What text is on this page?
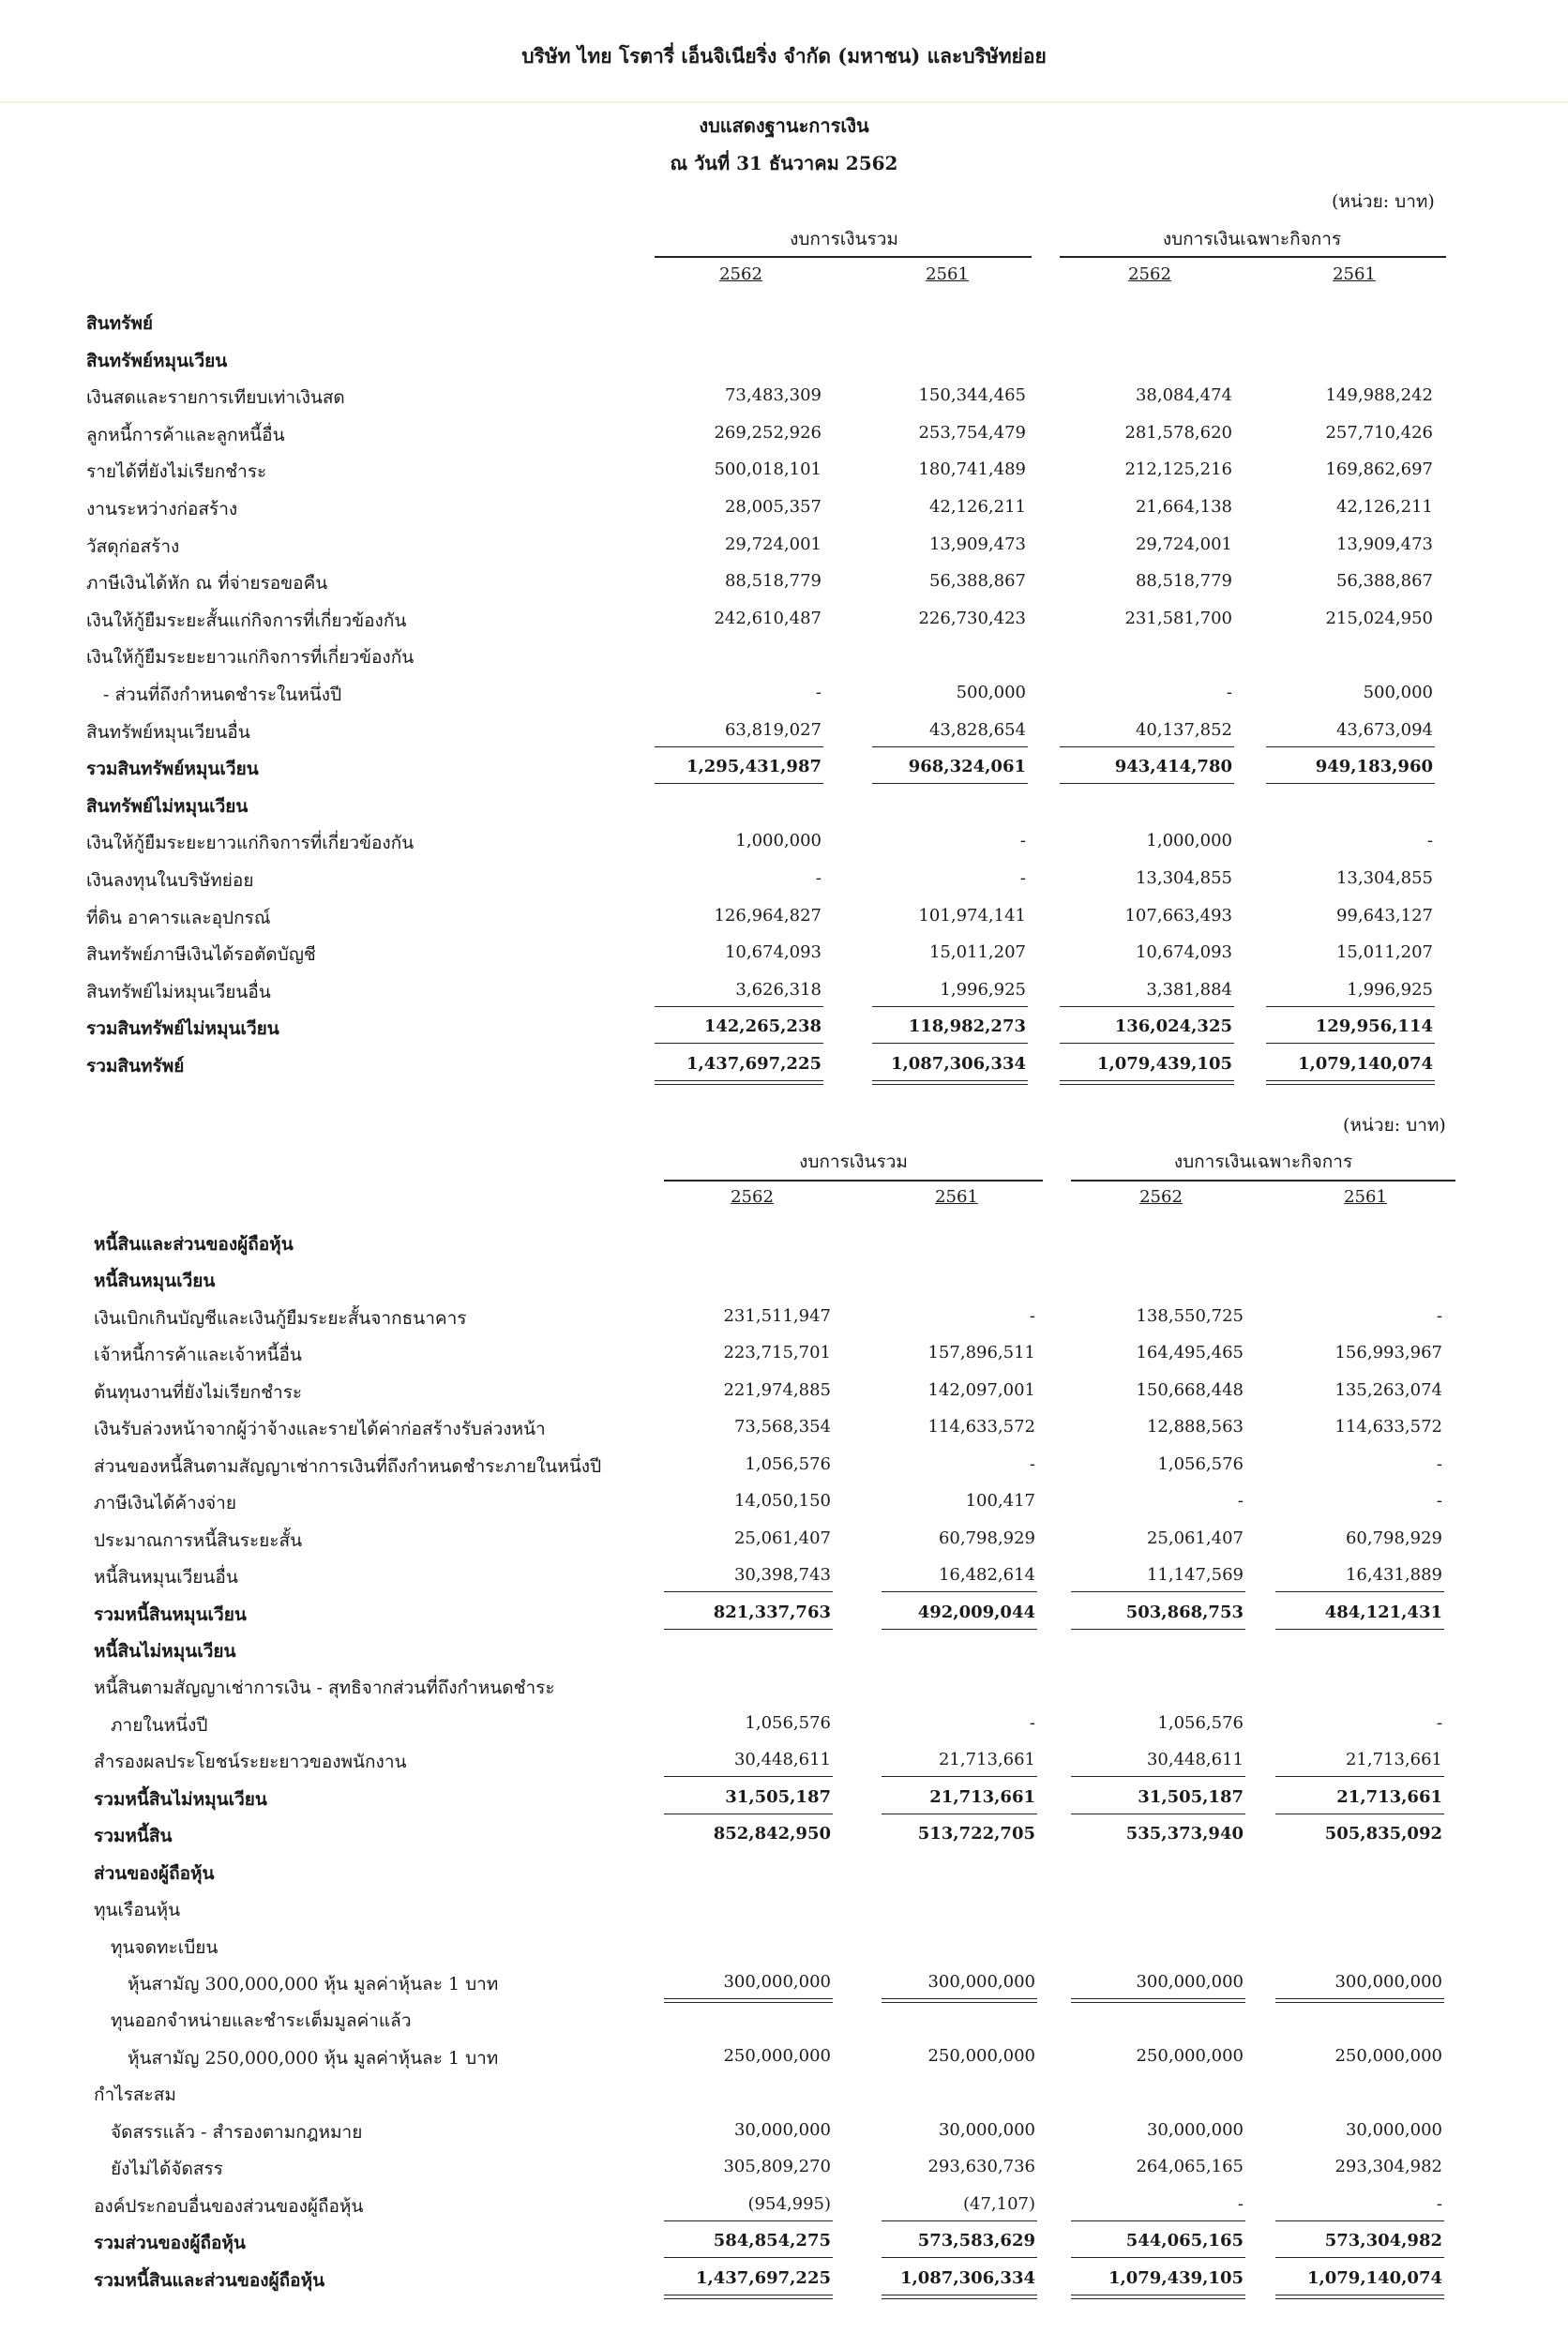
บริษัท ไทย โรตารี่ เอ็นจิเนียริ่ง จำกัด (มหาชน) และบริษัทย่อย
งบแสดงฐานะการเงิน
ณ วันที่ 31 ธันวาคม 2562
(หน่วย: บาท)
งบการเงินรวม	งบการเงินเฉพาะกิจการ
2562	2561	2562	2561
สินทรัพย์
สินทรัพย์หมุนเวียน
เงินสดและรายการเทียบเท่าเงินสด	73,483,309	150,344,465	38,084,474	149,988,242
ลูกหนี้การค้าและลูกหนี้อื่น	269,252,926	253,754,479	281,578,620	257,710,426
รายได้ที่ยังไม่เรียกชำระ	500,018,101	180,741,489	212,125,216	169,862,697
งานระหว่างก่อสร้าง	28,005,357	42,126,211	21,664,138	42,126,211
วัสดุก่อสร้าง	29,724,001	13,909,473	29,724,001	13,909,473
ภาษีเงินได้หัก ณ ที่จ่ายรอขอคืน	88,518,779	56,388,867	88,518,779	56,388,867
เงินให้กู้ยืมระยะสั้นแก่กิจการที่เกี่ยวข้องกัน	242,610,487	226,730,423	231,581,700	215,024,950
เงินให้กู้ยืมระยะยาวแก่กิจการที่เกี่ยวข้องกัน
- ส่วนที่ถึงกำหนดชำระในหนึ่งปี	-	500,000	-	500,000
สินทรัพย์หมุนเวียนอื่น	63,819,027	43,828,654	40,137,852	43,673,094
รวมสินทรัพย์หมุนเวียน	1,295,431,987	968,324,061	943,414,780	949,183,960
สินทรัพย์ไม่หมุนเวียน
เงินให้กู้ยืมระยะยาวแก่กิจการที่เกี่ยวข้องกัน	1,000,000	-	1,000,000	-
เงินลงทุนในบริษัทย่อย	-	-	13,304,855	13,304,855
ที่ดิน อาคารและอุปกรณ์	126,964,827	101,974,141	107,663,493	99,643,127
สินทรัพย์ภาษีเงินได้รอตัดบัญชี	10,674,093	15,011,207	10,674,093	15,011,207
สินทรัพย์ไม่หมุนเวียนอื่น	3,626,318	1,996,925	3,381,884	1,996,925
รวมสินทรัพย์ไม่หมุนเวียน	142,265,238	118,982,273	136,024,325	129,956,114
รวมสินทรัพย์	1,437,697,225	1,087,306,334	1,079,439,105	1,079,140,074
(หน่วย: บาท)
งบการเงินรวม	งบการเงินเฉพาะกิจการ
2562	2561	2562	2561
หนี้สินและส่วนของผู้ถือหุ้น
หนี้สินหมุนเวียน
เงินเบิกเกินบัญชีและเงินกู้ยืมระยะสั้นจากธนาคาร	231,511,947	-	138,550,725	-
เจ้าหนี้การค้าและเจ้าหนี้อื่น	223,715,701	157,896,511	164,495,465	156,993,967
ต้นทุนงานที่ยังไม่เรียกชำระ	221,974,885	142,097,001	150,668,448	135,263,074
เงินรับล่วงหน้าจากผู้ว่าจ้างและรายได้ค่าก่อสร้างรับล่วงหน้า	73,568,354	114,633,572	12,888,563	114,633,572
ส่วนของหนี้สินตามสัญญาเช่าการเงินที่ถึงกำหนดชำระภายในหนึ่งปี	1,056,576	-	1,056,576	-
ภาษีเงินได้ค้างจ่าย	14,050,150	100,417	-	-
ประมาณการหนี้สินระยะสั้น	25,061,407	60,798,929	25,061,407	60,798,929
หนี้สินหมุนเวียนอื่น	30,398,743	16,482,614	11,147,569	16,431,889
รวมหนี้สินหมุนเวียน	821,337,763	492,009,044	503,868,753	484,121,431
หนี้สินไม่หมุนเวียน
หนี้สินตามสัญญาเช่าการเงิน - สุทธิจากส่วนที่ถึงกำหนดชำระ
ภายในหนึ่งปี	1,056,576	-	1,056,576	-
สำรองผลประโยชน์ระยะยาวของพนักงาน	30,448,611	21,713,661	30,448,611	21,713,661
รวมหนี้สินไม่หมุนเวียน	31,505,187	21,713,661	31,505,187	21,713,661
รวมหนี้สิน	852,842,950	513,722,705	535,373,940	505,835,092
ส่วนของผู้ถือหุ้น
ทุนเรือนหุ้น
ทุนจดทะเบียน
หุ้นสามัญ 300,000,000 หุ้น มูลค่าหุ้นละ 1 บาท	300,000,000	300,000,000	300,000,000	300,000,000
ทุนออกจำหน่ายและชำระเต็มมูลค่าแล้ว
หุ้นสามัญ 250,000,000 หุ้น มูลค่าหุ้นละ 1 บาท	250,000,000	250,000,000	250,000,000	250,000,000
กำไรสะสม
จัดสรรแล้ว - สำรองตามกฎหมาย	30,000,000	30,000,000	30,000,000	30,000,000
ยังไม่ได้จัดสรร	305,809,270	293,630,736	264,065,165	293,304,982
องค์ประกอบอื่นของส่วนของผู้ถือหุ้น	(954,995)	(47,107)	-	-
รวมส่วนของผู้ถือหุ้น	584,854,275	573,583,629	544,065,165	573,304,982
รวมหนี้สินและส่วนของผู้ถือหุ้น	1,437,697,225	1,087,306,334	1,079,439,105	1,079,140,074
